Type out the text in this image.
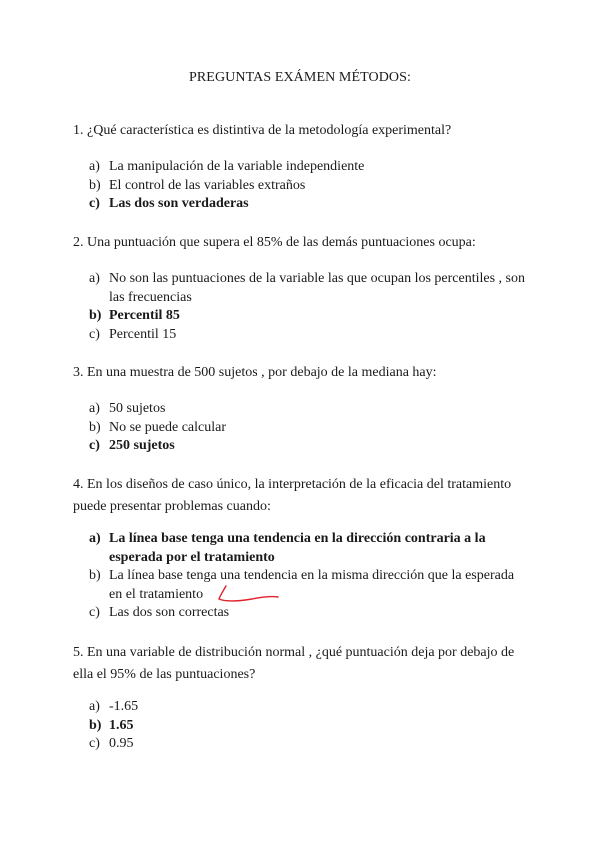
PREGUNTAS EXÁMEN MÉTODOS:
1. ¿Qué característica es distintiva de la metodología experimental?
a) La manipulación de la variable independiente
b) El control de las variables extraños
c) Las dos son verdaderas
2. Una puntuación que supera el 85% de las demás puntuaciones ocupa:
a) No son las puntuaciones de la variable las que ocupan los percentiles , son las frecuencias
b) Percentil 85
c) Percentil 15
3. En una muestra de 500 sujetos , por debajo de la mediana hay:
a) 50 sujetos
b) No se puede calcular
c) 250 sujetos
4. En los diseños de caso único, la interpretación de la eficacia del tratamiento puede presentar problemas cuando:
a) La línea base tenga una tendencia en la dirección contraria a la esperada por el tratamiento
b) La línea base tenga una tendencia en la misma dirección que la esperada en el tratamiento
c) Las dos son correctas
5. En una variable de distribución normal , ¿qué puntuación deja por debajo de ella el 95% de las puntuaciones?
a) -1.65
b) 1.65
c) 0.95
